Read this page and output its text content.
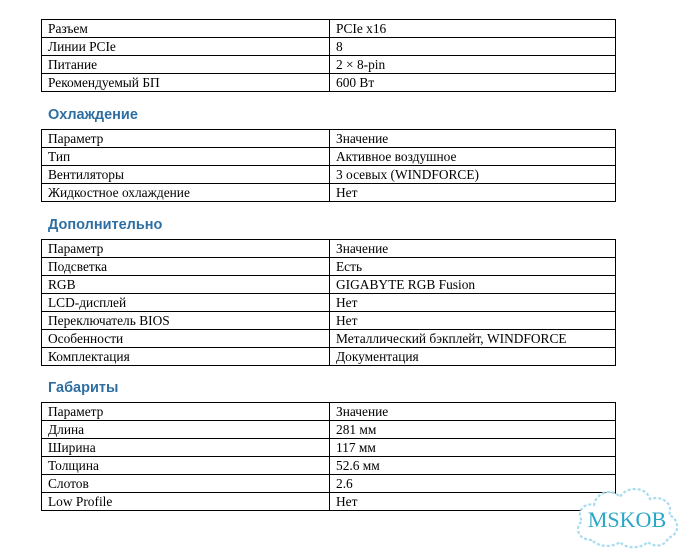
Разъем	PCIe x16
Линии PCIe	8
Питание	2 × 8-pin
Рекомендуемый БП	600 Вт
Охлаждение
Параметр	Значение
Тип	Активное воздушное
Вентиляторы	3 осевых (WINDFORCE)
Жидкостное охлаждение	Нет
Дополнительно
Параметр	Значение
Подсветка	Есть
RGB	GIGABYTE RGB Fusion
LCD-дисплей	Нет
Переключатель BIOS	Нет
Особенности	Металлический бэкплейт, WINDFORCE
Комплектация	Документация
Габариты
Параметр	Значение
Длина	281 мм
Ширина	117 мм
Толщина	52.6 мм
Слотов	2.6
Low Profile	Нет
MSKOB
